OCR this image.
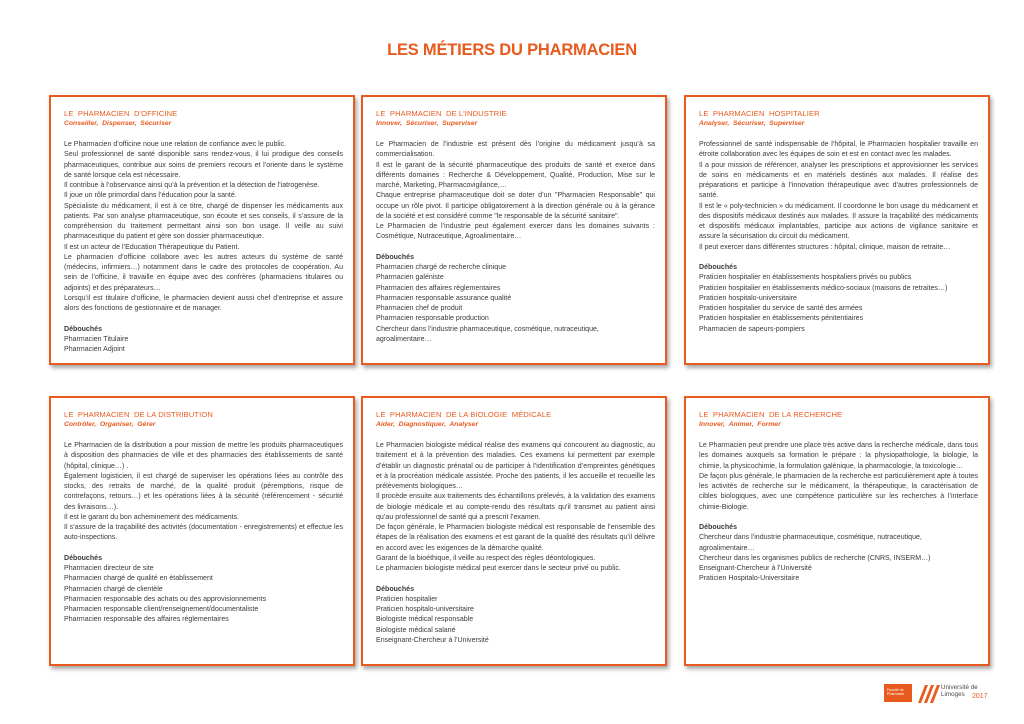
LES MÉTIERS DU PHARMACIEN
LE  PHARMACIEN  D'OFFICINE
Conseiller,  Dispenser,  Sécuriser

Le Pharmacien d’officine noue une relation de confiance avec le public.

Seul professionnel de santé disponible sans rendez-vous, il lui prodigue des conseils pharmaceutiques, contribue aux soins de premiers recours et l’oriente dans le système de santé lorsque cela est nécessaire.

Il contribue à l’observance ainsi qu’à la prévention et la détection de l’iatrogenèse.

Il joue un rôle primordial dans l’éducation pour la santé.

Spécialiste du médicament, il est à ce titre, chargé de dispenser les médicaments aux patients. Par son analyse pharmaceutique, son écoute et ses conseils, il s’assure de la compréhension du traitement permettant ainsi son bon usage. Il veille au suivi pharmaceutique du patient et gère son dossier pharmaceutique.

Il est un acteur de l’Education Thérapeutique du Patient.

Le pharmacien d’officine collabore avec les autres acteurs du système de santé (médecins, infirmiers…) notamment dans le cadre des protocoles de coopération. Au sein de l’officine, il travaille en équipe avec des confrères (pharmaciens titulaires ou adjoints) et des préparateurs…

Lorsqu’il est titulaire d’officine, le pharmacien devient aussi chef d’entreprise et assure alors des fonctions de gestionnaire et de manager.

Débouchés

Pharmacien Titulaire

Pharmacien Adjoint

LE  PHARMACIEN  DE L'INDUSTRIE
Innover,  Sécuriser,  Superviser

Le Pharmacien de l’industrie est présent dès l’origine du médicament jusqu’à sa commercialisation.

Il est le garant de la sécurité pharmaceutique des produits de santé et exerce dans différents domaines : Recherche & Développement, Qualité, Production, Mise sur le marché, Marketing, Pharmacovigilance,…

Chaque entreprise pharmaceutique doit se doter d’un "Pharmacien Responsable" qui occupe un rôle pivot. Il participe obligatoirement à la direction générale ou à la gérance de la société et est considéré comme "le responsable de la sécurité sanitaire".

Le Pharmacien de l’industrie peut également exercer dans les domaines suivants : Cosmétique, Nutraceutique, Agroalimentaire…

Débouchés

Pharmacien chargé de recherche clinique

Pharmacien galéniste

Pharmacien des affaires réglementaires

Pharmacien responsable assurance qualité

Pharmacien chef de produit

Pharmacien responsable production

Chercheur dans l’industrie pharmaceutique, cosmétique, nutraceutique, agroalimentaire…

LE  PHARMACIEN  HOSPITALIER
Analyser,  Sécuriser,  Superviser

Professionnel de santé indispensable de l’hôpital, le Pharmacien hospitalier travaille en étroite collaboration avec les équipes de soin et est en contact avec les malades.

Il a pour mission de référencer, analyser les prescriptions et approvisionner les services de soins en médicaments et en matériels destinés aux malades. Il réalise des préparations et participe à l’innovation thérapeutique avec d’autres professionnels de santé.

Il est le « poly-technicien » du médicament. Il coordonne le bon usage du médicament et des dispositifs médicaux destinés aux malades. Il assure la traçabilité des médicaments et dispositifs médicaux implantables, participe aux actions de vigilance sanitaire et assure la sécurisation du circuit du médicament.

Il peut exercer dans différentes structures : hôpital, clinique, maison de retraite…

Débouchés

Praticien hospitalier en établissements hospitaliers privés ou publics

Praticien hospitalier en établissements médico-sociaux (maisons de retraites…)

Praticien hospitalo-universitaire

Praticien hospitalier du service de santé des armées

Praticien hospitalier en établissements pénitentiaires

Pharmacien de sapeurs-pompiers

LE  PHARMACIEN  DE LA DISTRIBUTION
Contrôler,  Organiser,  Gérer

Le Pharmacien de la distribution a pour mission de mettre les produits pharmaceutiques à disposition des pharmacies de ville et des pharmacies des établissements de santé (hôpital, clinique…) .

Également logisticien, il est chargé de superviser les opérations liées au contrôle des stocks, des retraits de marché, de la qualité produit (péremptions, risque de contrefaçons, retours…) et les opérations liées à la sécurité (référencement - sécurité des livraisons…).

Il est le garant du bon acheminement des médicaments.

Il s’assure de la traçabilité des activités (documentation - enregistrements) et effectue les auto-inspections.

Débouchés

Pharmacien directeur de site

Pharmacien chargé de qualité en établissement

Pharmacien chargé de clientèle

Pharmacien responsable des achats ou des approvisionnements

Pharmacien responsable client/renseignement/documentaliste

Pharmacien responsable des affaires réglementaires

LE  PHARMACIEN  DE LA BIOLOGIE  MÉDICALE
Aider,  Diagnostiquer,  Analyser

Le Pharmacien biologiste médical réalise des examens qui concourent au diagnostic, au traitement et à la prévention des maladies. Ces examens lui permettent par exemple d’établir un diagnostic prénatal ou de participer à l’identification d’empreintes génétiques et à la procréation médicale assistée. Proche des patients, il les accueille et recueille les prélèvements biologiques…

Il procède ensuite aux traitements des échantillons prélevés, à la validation des examens de biologie médicale et au compte-rendu des résultats qu’il transmet au patient ainsi qu’au professionnel de santé qui a prescrit l’examen.

De façon générale, le Pharmacien biologiste médical est responsable de l’ensemble des étapes de la réalisation des examens et est garant de la qualité des résultats qu’il délivre en accord avec les exigences de la démarche qualité.

Garant de la bioéthique, il veille au respect des règles déontologiques.

Le pharmacien biologiste médical peut exercer dans le secteur privé ou public.

Débouchés

Praticien hospitalier

Praticien hospitalo-universitaire

Biologiste médical responsable

Biologiste médical salarié

Enseignant-Chercheur à l’Université

LE  PHARMACIEN  DE LA RECHERCHE
Innover,  Animer,  Former

Le Pharmacien peut prendre une place très active dans la recherche médicale, dans tous les domaines auxquels sa formation le prépare : la physiopathologie, la biologie, la chimie, la physicochimie, la formulation galénique, la pharmacologie, la toxicologie…

De façon plus générale, le pharmacien de la recherche est particulièrement apte à toutes les activités de recherche sur le médicament, la thérapeutique, la caractérisation de cibles biologiques, avec une compétence particulière sur les recherches à l’interface chimie-Biologie.

Débouchés

Chercheur dans l’industrie pharmaceutique, cosmétique, nutraceutique, agroalimentaire…

Chercheur dans les organismes publics de recherche (CNRS, INSERM…)

Enseignant-Chercheur à l’Université

Praticien Hospitalo-Universitaire

Faculté de Pharmacie
Université de Limoges	2017
